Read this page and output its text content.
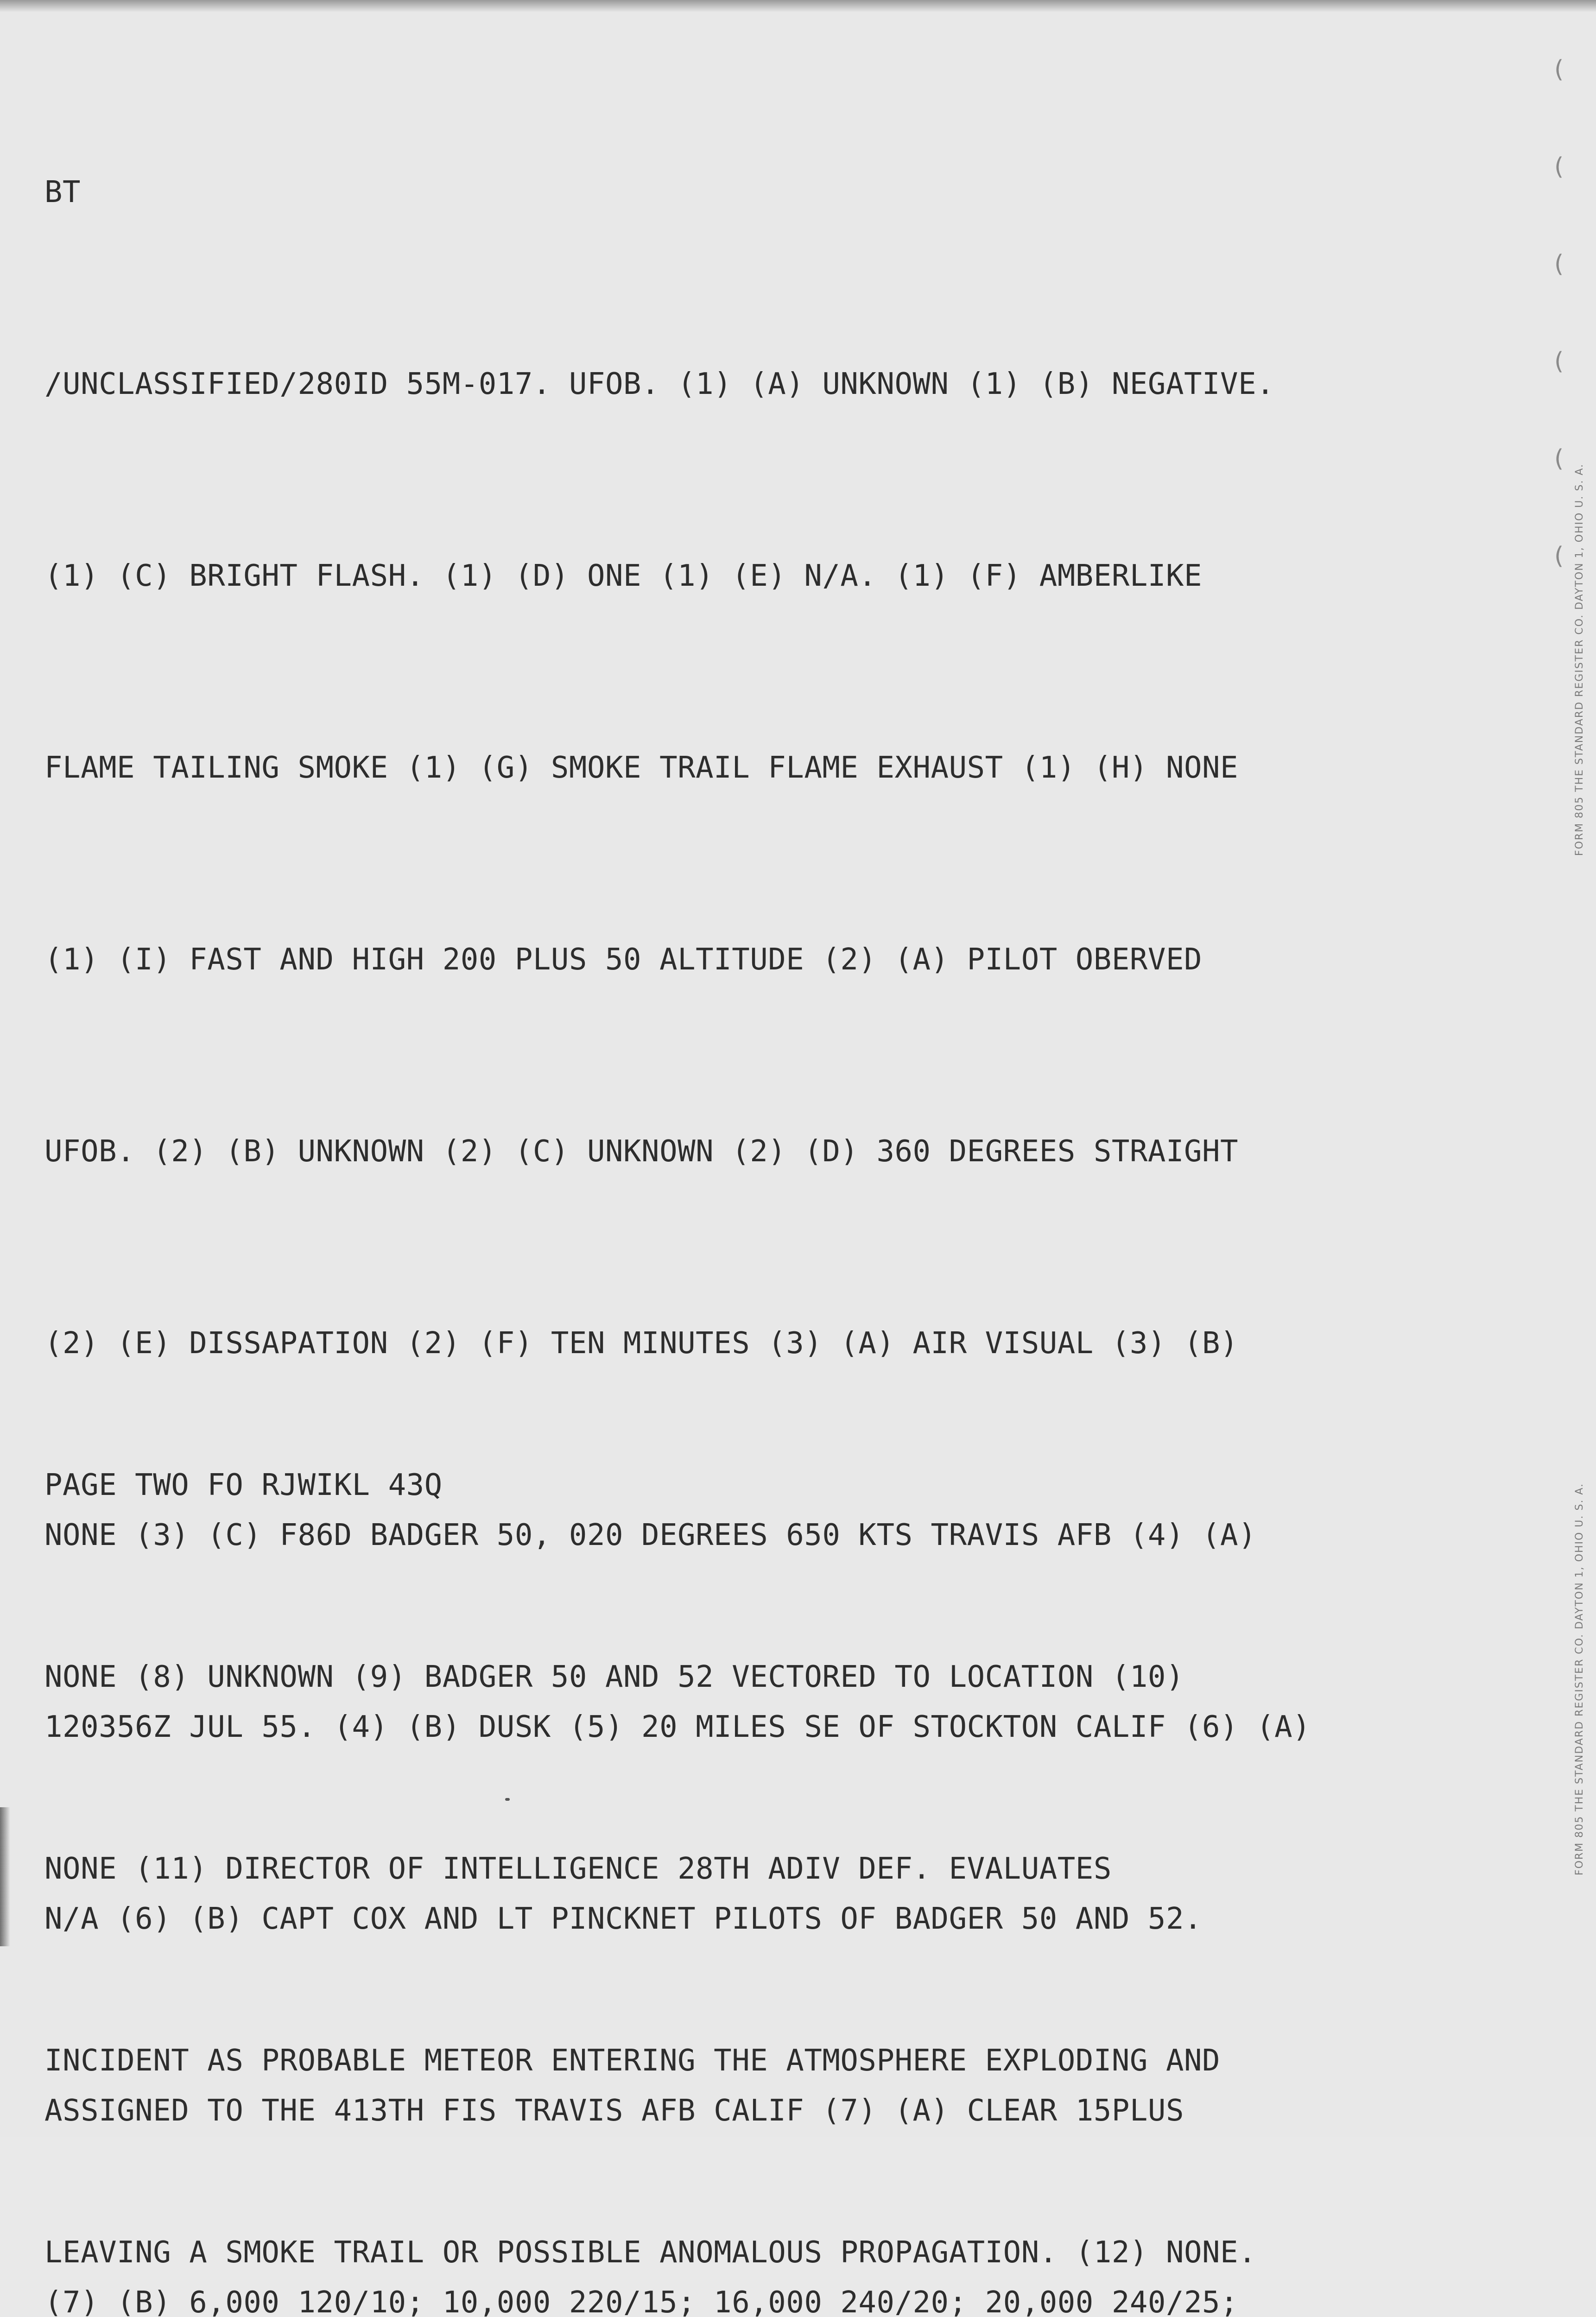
BT

/UNCLASSIFIED/280ID 55M-017. UFOB. (1) (A) UNKNOWN (1) (B) NEGATIVE.

(1) (C) BRIGHT FLASH. (1) (D) ONE (1) (E) N/A. (1) (F) AMBERLIKE

FLAME TAILING SMOKE (1) (G) SMOKE TRAIL FLAME EXHAUST (1) (H) NONE

(1) (I) FAST AND HIGH 200 PLUS 50 ALTITUDE (2) (A) PILOT OBERVED

UFOB. (2) (B) UNKNOWN (2) (C) UNKNOWN (2) (D) 360 DEGREES STRAIGHT

(2) (E) DISSAPATION (2) (F) TEN MINUTES (3) (A) AIR VISUAL (3) (B)

NONE (3) (C) F86D BADGER 50, 020 DEGREES 650 KTS TRAVIS AFB (4) (A)

120356Z JUL 55. (4) (B) DUSK (5) 20 MILES SE OF STOCKTON CALIF (6) (A)

N/A (6) (B) CAPT COX AND LT PINCKNET PILOTS OF BADGER 50 AND 52.

ASSIGNED TO THE 413TH FIS TRAVIS AFB CALIF (7) (A) CLEAR 15PLUS

(7) (B) 6,000 120/10; 10,000 220/15; 16,000 240/20; 20,000 240/25;

PAGE TWO FO RJWIKL 43Q

NONE (8) UNKNOWN (9) BADGER 50 AND 52 VECTORED TO LOCATION (10)

NONE (11) DIRECTOR OF INTELLIGENCE 28TH ADIV DEF. EVALUATES

INCIDENT AS PROBABLE METEOR ENTERING THE ATMOSPHERE EXPLODING AND

LEAVING A SMOKE TRAIL OR POSSIBLE ANOMALOUS PROPAGATION. (12) NONE.

(
(
(
(
(
( FORM 805 THE STANDARD REGISTER CO. DAYTON 1, OHIO U. S. A.
FORM 805 THE STANDARD REGISTER CO. DAYTON 1, OHIO U. S. A.
